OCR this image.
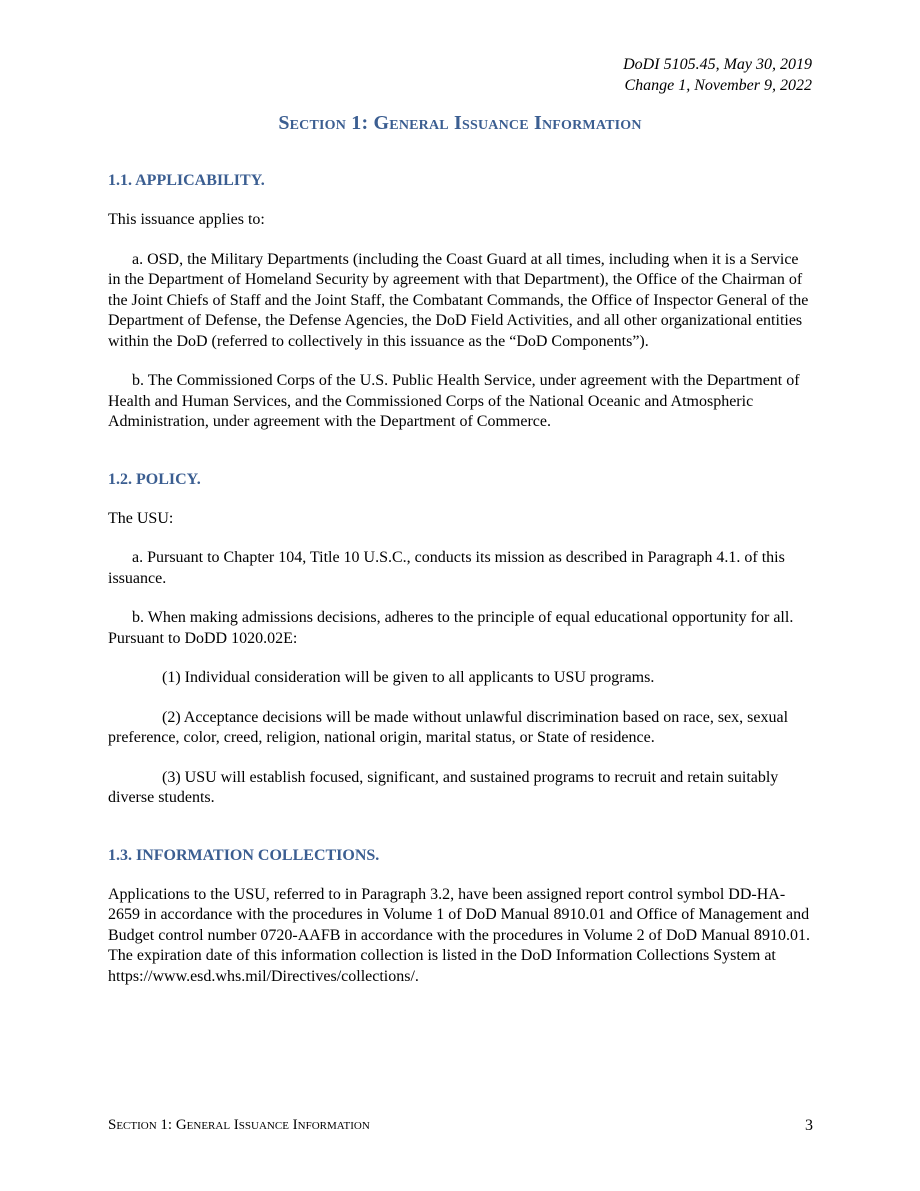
DoDI 5105.45, May 30, 2019
Change 1, November 9, 2022
Section 1: General Issuance Information
1.1. APPLICABILITY.

This issuance applies to:

a. OSD, the Military Departments (including the Coast Guard at all times, including when it is a Service in the Department of Homeland Security by agreement with that Department), the Office of the Chairman of the Joint Chiefs of Staff and the Joint Staff, the Combatant Commands, the Office of Inspector General of the Department of Defense, the Defense Agencies, the DoD Field Activities, and all other organizational entities within the DoD (referred to collectively in this issuance as the “DoD Components”).

b. The Commissioned Corps of the U.S. Public Health Service, under agreement with the Department of Health and Human Services, and the Commissioned Corps of the National Oceanic and Atmospheric Administration, under agreement with the Department of Commerce.

1.2. POLICY.

The USU:

a. Pursuant to Chapter 104, Title 10 U.S.C., conducts its mission as described in Paragraph 4.1. of this issuance.

b. When making admissions decisions, adheres to the principle of equal educational opportunity for all. Pursuant to DoDD 1020.02E:

(1) Individual consideration will be given to all applicants to USU programs.

(2) Acceptance decisions will be made without unlawful discrimination based on race, sex, sexual preference, color, creed, religion, national origin, marital status, or State of residence.

(3) USU will establish focused, significant, and sustained programs to recruit and retain suitably diverse students.

1.3. INFORMATION COLLECTIONS.

Applications to the USU, referred to in Paragraph 3.2, have been assigned report control symbol DD-HA-2659 in accordance with the procedures in Volume 1 of DoD Manual 8910.01 and Office of Management and Budget control number 0720-AAFB in accordance with the procedures in Volume 2 of DoD Manual 8910.01. The expiration date of this information collection is listed in the DoD Information Collections System at https://www.esd.whs.mil/Directives/collections/.

Section 1: General Issuance Information	3
